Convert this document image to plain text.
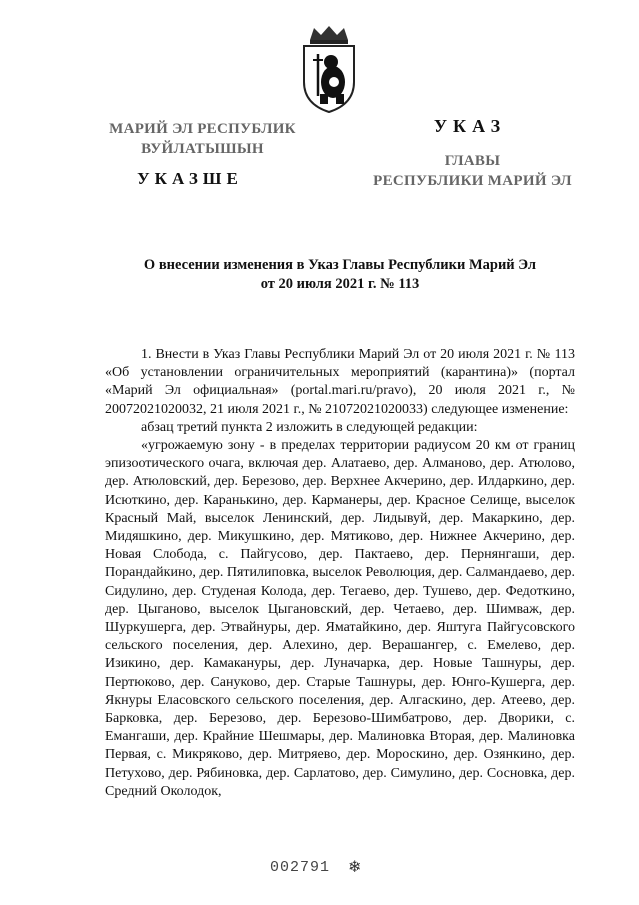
МАРИЙ ЭЛ РЕСПУБЛИК
ВУЙЛАТЫШЫН
УКАЗШЕ
УКАЗ
ГЛАВЫ
РЕСПУБЛИКИ МАРИЙ ЭЛ
О внесении изменения в Указ Главы Республики Марий Эл
от 20 июля 2021 г. № 113

1. Внести в Указ Главы Республики Марий Эл от 20 июля 2021 г. № 113 «Об установлении ограничительных мероприятий (карантина)» (портал «Марий Эл официальная» (portal.mari.ru/pravo), 20 июля 2021 г., № 20072021020032, 21 июля 2021 г., № 21072021020033) следующее изменение:

абзац третий пункта 2 изложить в следующей редакции:

«угрожаемую зону - в пределах территории радиусом 20 км от границ эпизоотического очага, включая дер. Алатаево, дер. Алманово, дер. Атюлово, дер. Атюловский, дер. Березово, дер. Верхнее Акчерино, дер. Илдаркино, дер. Исюткино, дер. Каранькино, дер. Карманеры, дер. Красное Селище, выселок Красный Май, выселок Ленинский, дер. Лидывуй, дер. Макаркино, дер. Мидяшкино, дер. Микушкино, дер. Мятиково, дер. Нижнее Акчерино, дер. Новая Слобода, с. Пайгусово, дер. Пактаево, дер. Пернянгаши, дер. Порандайкино, дер. Пятилиповка, выселок Революция, дер. Салмандаево, дер. Сидулино, дер. Студеная Колода, дер. Тегаево, дер. Тушево, дер. Федоткино, дер. Цыганово, выселок Цыгановский, дер. Четаево, дер. Шимваж, дер. Шуркушерга, дер. Этвайнуры, дер. Яматайкино, дер. Яштуга Пайгусовского сельского поселения, дер. Алехино, дер. Верашангер, с. Емелево, дер. Изикино, дер. Камакануры, дер. Луначарка, дер. Новые Ташнуры, дер. Пертюково, дер. Сануково, дер. Старые Ташнуры, дер. Юнго-Кушерга, дер. Якнуры Еласовского сельского поселения, дер. Алгаскино, дер. Атеево, дер. Барковка, дер. Березово, дер. Березово-Шимбатрово, дер. Дворики, с. Емангаши, дер. Крайние Шешмары, дер. Малиновка Вторая, дер. Малиновка Первая, с. Микряково, дер. Митряево, дер. Мороскино, дер. Озянкино, дер. Петухово, дер. Рябиновка, дер. Сарлатово, дер. Симулино, дер. Сосновка, дер. Средний Околодок,

002791 ❄
